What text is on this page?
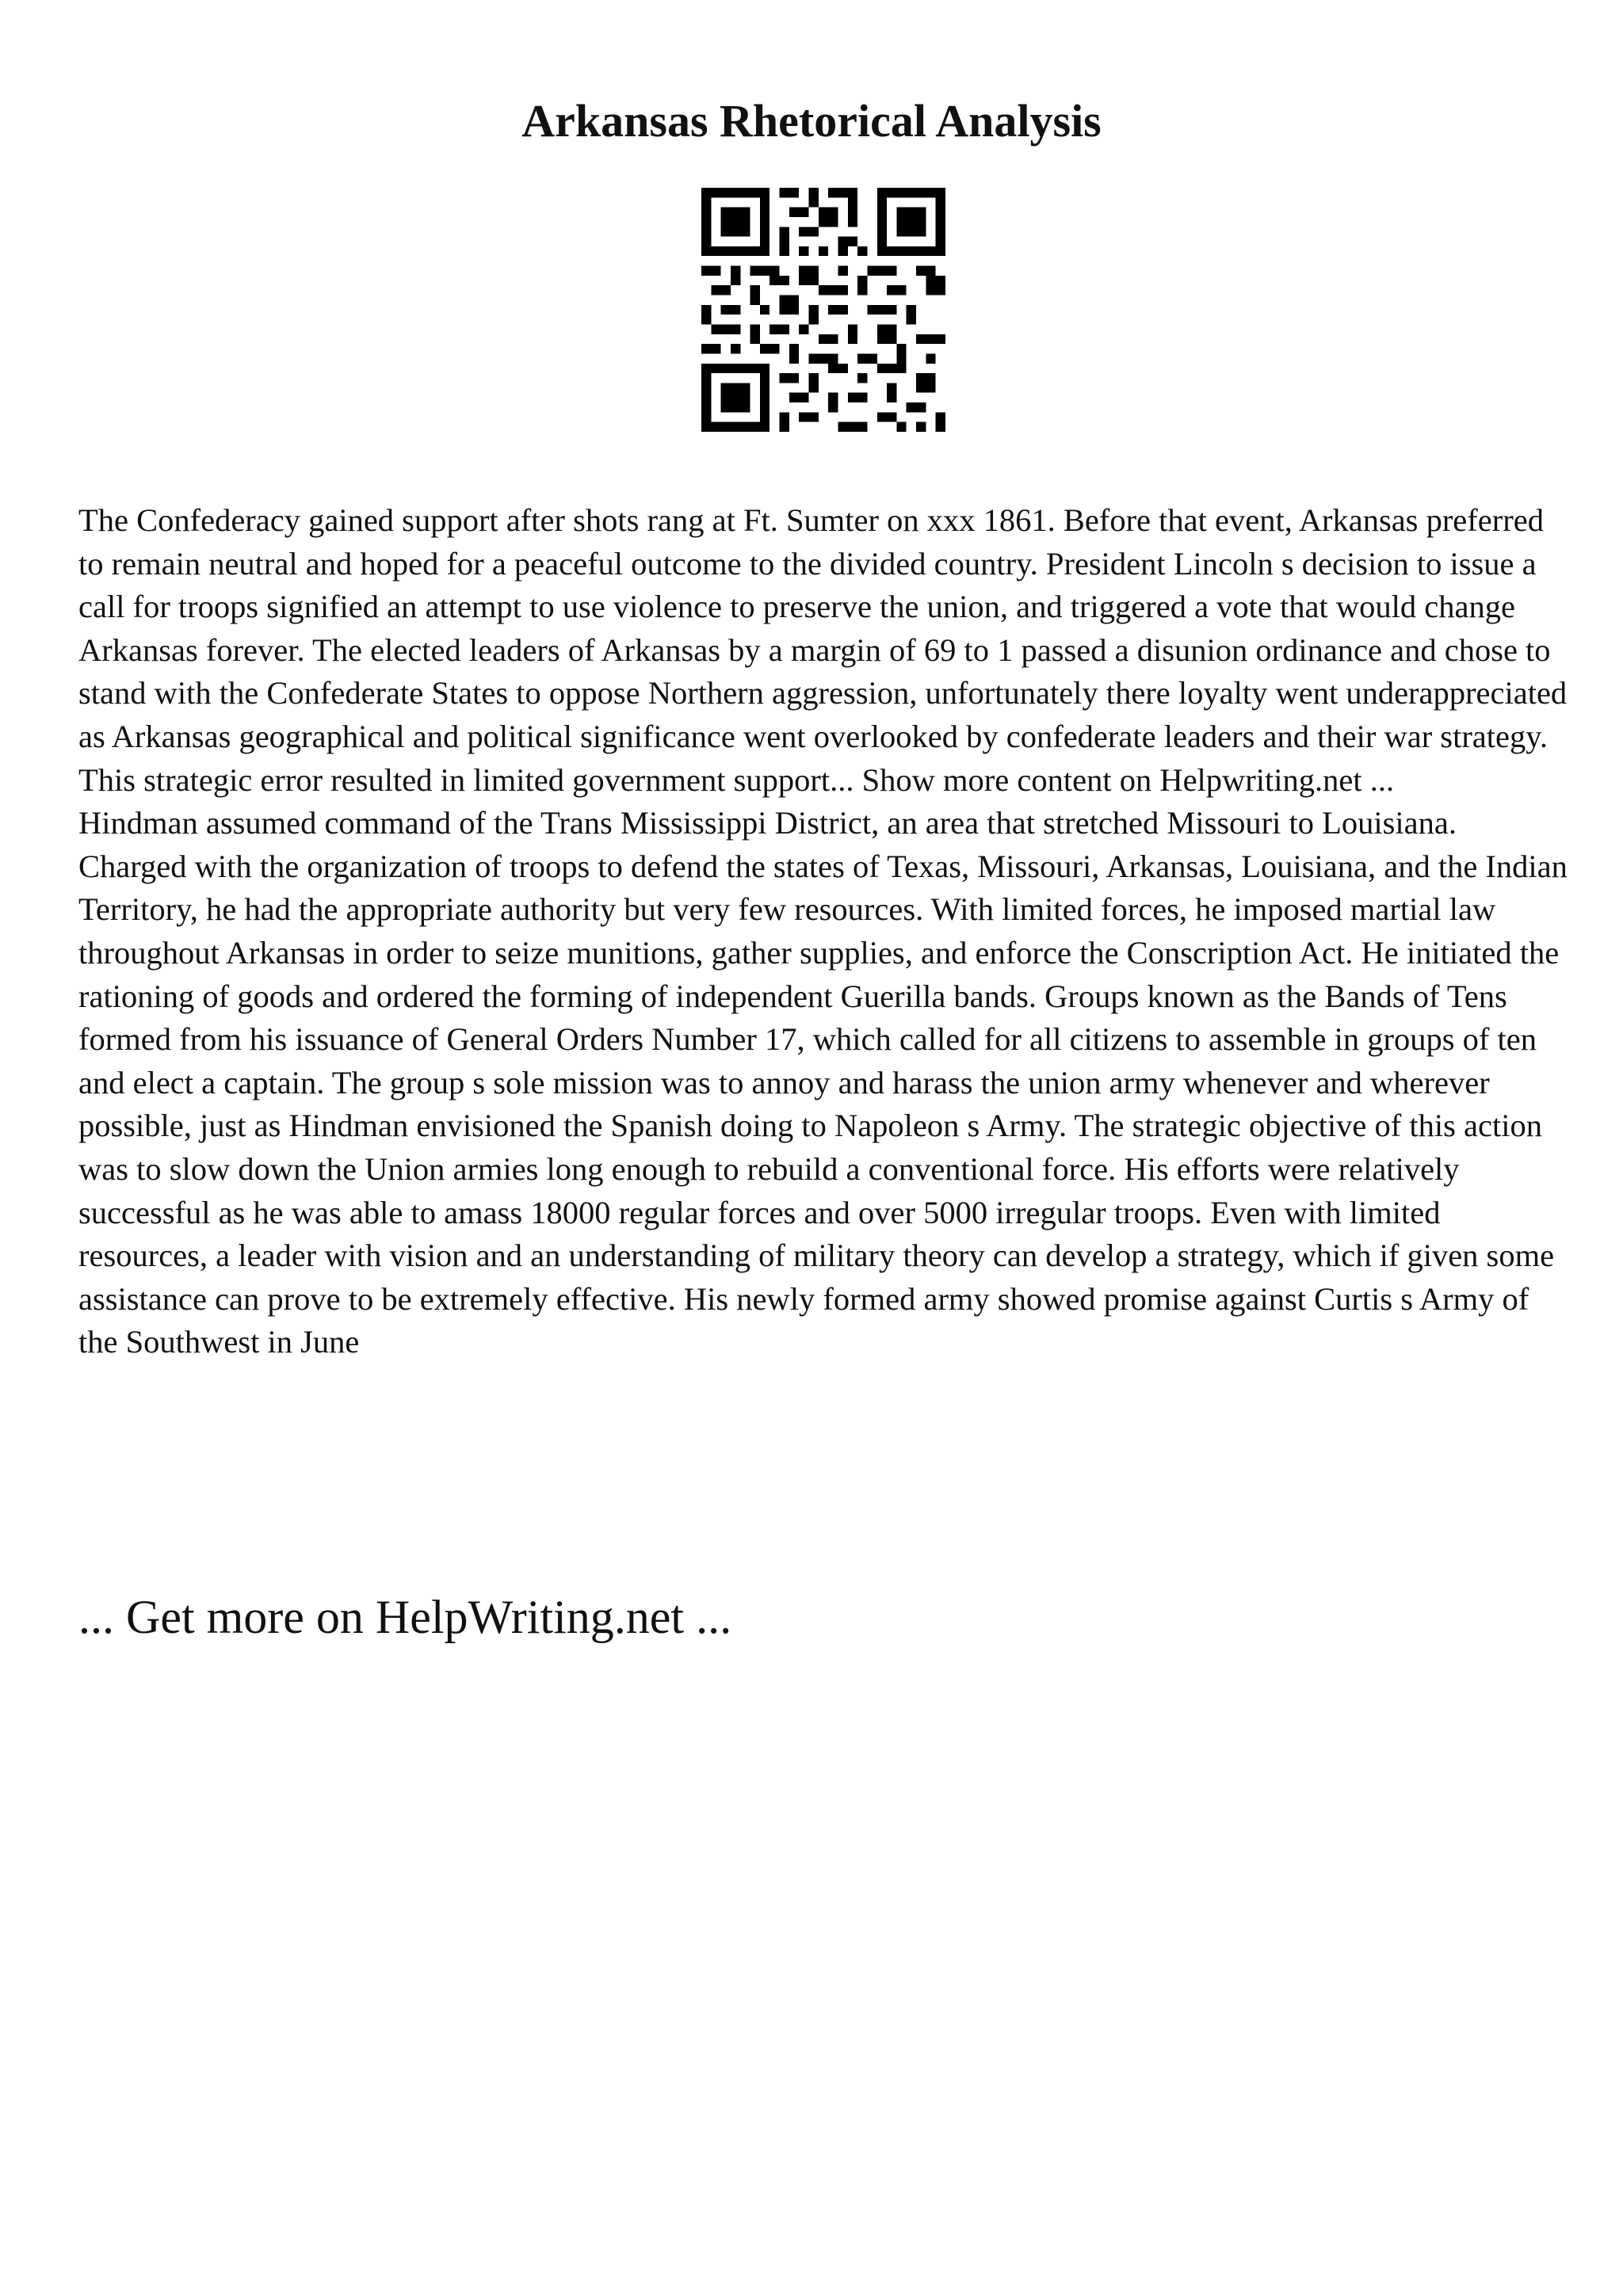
Arkansas Rhetorical Analysis

The Confederacy gained support after shots rang at Ft. Sumter on xxx 1861. Before that event, Arkansas preferred to remain neutral and hoped for a peaceful outcome to the divided country. President Lincoln s decision to issue a call for troops signified an attempt to use violence to preserve the union, and triggered a vote that would change Arkansas forever. The elected leaders of Arkansas by a margin of 69 to 1 passed a disunion ordinance and chose to stand with the Confederate States to oppose Northern aggression, unfortunately there loyalty went underappreciated as Arkansas geographical and political significance went overlooked by confederate leaders and their war strategy. This strategic error resulted in limited government support... Show more content on Helpwriting.net ...

Hindman assumed command of the Trans Mississippi District, an area that stretched Missouri to Louisiana. Charged with the organization of troops to defend the states of Texas, Missouri, Arkansas, Louisiana, and the Indian Territory, he had the appropriate authority but very few resources. With limited forces, he imposed martial law throughout Arkansas in order to seize munitions, gather supplies, and enforce the Conscription Act. He initiated the rationing of goods and ordered the forming of independent Guerilla bands. Groups known as the Bands of Tens formed from his issuance of General Orders Number 17, which called for all citizens to assemble in groups of ten and elect a captain. The group s sole mission was to annoy and harass the union army whenever and wherever possible, just as Hindman envisioned the Spanish doing to Napoleon s Army. The strategic objective of this action was to slow down the Union armies long enough to rebuild a conventional force. His efforts were relatively successful as he was able to amass 18000 regular forces and over 5000 irregular troops. Even with limited resources, a leader with vision and an understanding of military theory can develop a strategy, which if given some assistance can prove to be extremely effective. His newly formed army showed promise against Curtis s Army of the Southwest in June

... Get more on HelpWriting.net ...
